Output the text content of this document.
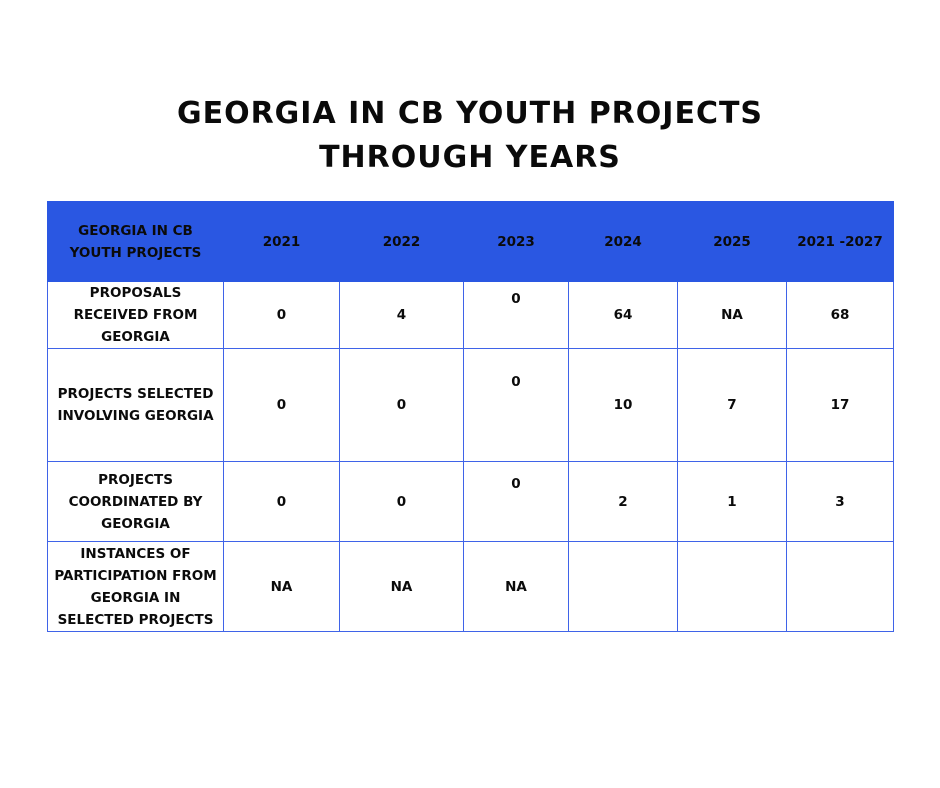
GEORGIA IN CB YOUTH PROJECTS
THROUGH YEARS
GEORGIA IN CB YOUTH PROJECTS	2021	2022	2023	2024	2025	2021 -2027
PROPOSALS RECEIVED FROM GEORGIA	0	4	0	64	NA	68
PROJECTS SELECTED INVOLVING GEORGIA	0	0	0	10	7	17
PROJECTS COORDINATED BY GEORGIA	0	0	0	2	1	3
INSTANCES OF PARTICIPATION FROM GEORGIA IN SELECTED PROJECTS	NA	NA	NA			
